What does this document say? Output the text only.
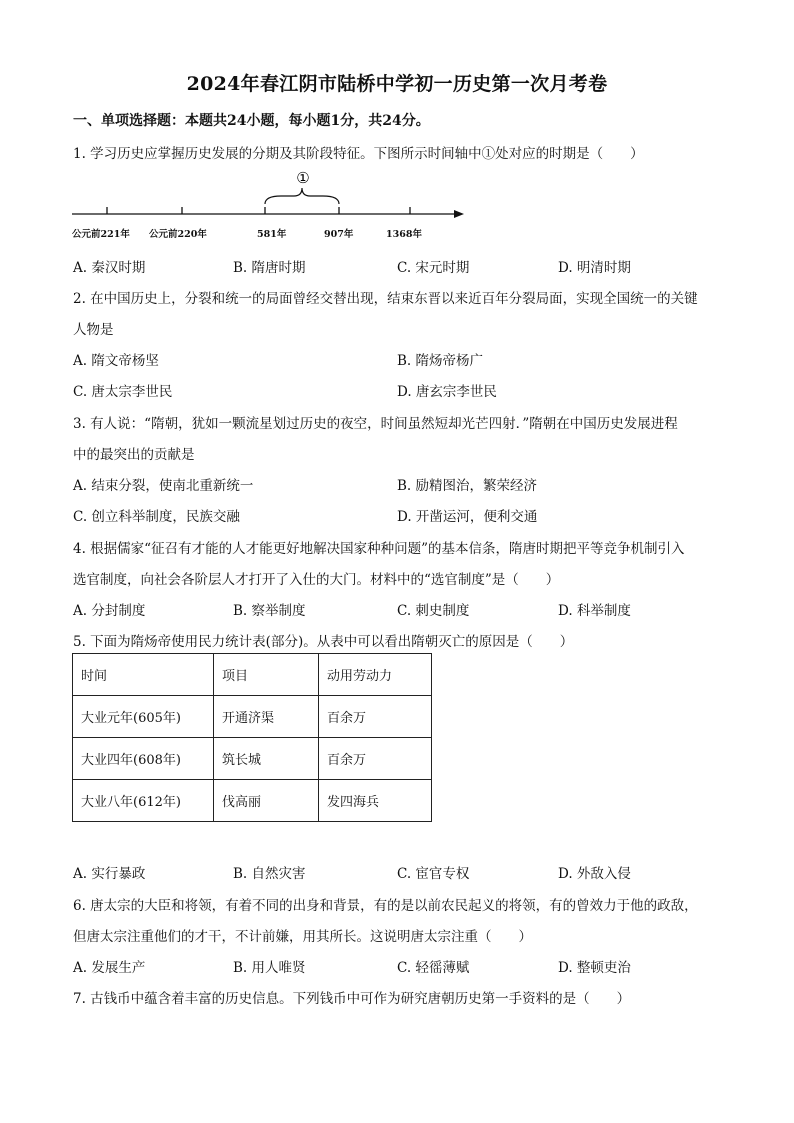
2024年春江阴市陆桥中学初一历史第一次月考卷
一、单项选择题：本题共24小题，每小题1分，共24分。
1. 学习历史应掌握历史发展的分期及其阶段特征。下图所示时间轴中①处对应的时期是（　　）
①
公元前221年 公元前220年	581年	907年	1368年
A. 秦汉时期	B. 隋唐时期	C. 宋元时期	D. 明清时期
2. 在中国历史上，分裂和统一的局面曾经交替出现，结束东晋以来近百年分裂局面，实现全国统一的关键
人物是
A. 隋文帝杨坚	B. 隋炀帝杨广
C. 唐太宗李世民	D. 唐玄宗李世民
3. 有人说：“隋朝，犹如一颗流星划过历史的夜空，时间虽然短却光芒四射．”隋朝在中国历史发展进程
中的最突出的贡献是
A. 结束分裂，使南北重新统一	B. 励精图治，繁荣经济
C. 创立科举制度，民族交融	D. 开凿运河，便利交通
4. 根据儒家“征召有才能的人才能更好地解决国家种种问题”的基本信条，隋唐时期把平等竞争机制引入
选官制度，向社会各阶层人才打开了入仕的大门。材料中的“选官制度”是（　　）
A. 分封制度	B. 察举制度	C. 刺史制度	D. 科举制度
5. 下面为隋炀帝使用民力统计表(部分)。从表中可以看出隋朝灭亡的原因是（　　）
时间	项目	动用劳动力
大业元年(605年)	开通济渠	百余万
大业四年(608年)	筑长城	百余万
大业八年(612年)	伐高丽	发四海兵
A. 实行暴政	B. 自然灾害	C. 宦官专权	D. 外敌入侵
6. 唐太宗的大臣和将领，有着不同的出身和背景，有的是以前农民起义的将领，有的曾效力于他的政敌，
但唐太宗注重他们的才干，不计前嫌，用其所长。这说明唐太宗注重（　　）
A. 发展生产	B. 用人唯贤	C. 轻徭薄赋	D. 整顿吏治
7. 古钱币中蕴含着丰富的历史信息。下列钱币中可作为研究唐朝历史第一手资料的是（　　）
